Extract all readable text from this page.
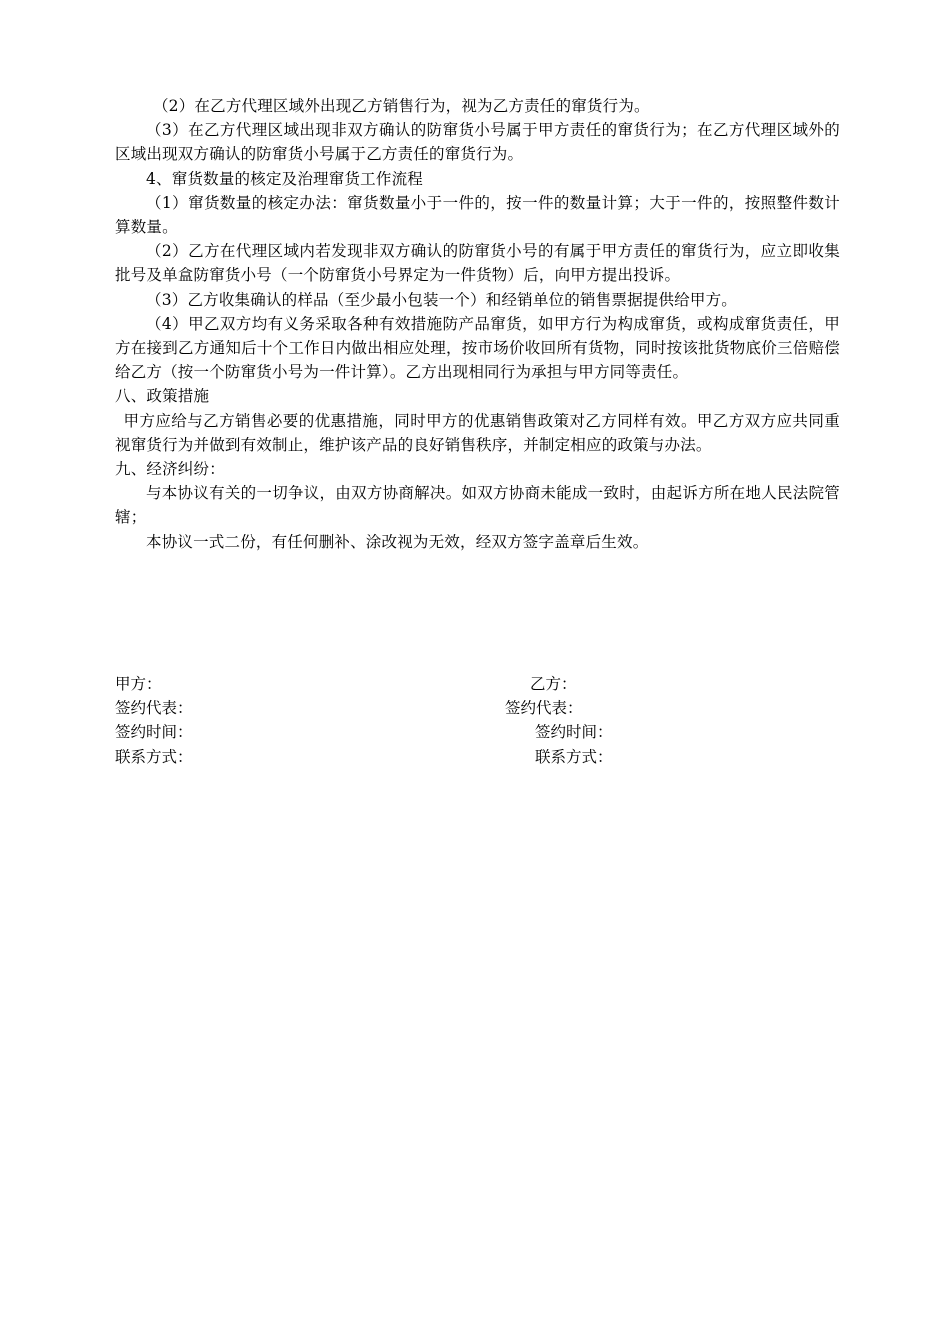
（2）在乙方代理区域外出现乙方销售行为，视为乙方责任的窜货行为。

（3）在乙方代理区域出现非双方确认的防窜货小号属于甲方责任的窜货行为；在乙方代理区域外的区域出现双方确认的防窜货小号属于乙方责任的窜货行为。

4、窜货数量的核定及治理窜货工作流程

（1）窜货数量的核定办法：窜货数量小于一件的，按一件的数量计算；大于一件的，按照整件数计算数量。

（2）乙方在代理区域内若发现非双方确认的防窜货小号的有属于甲方责任的窜货行为，应立即收集批号及单盒防窜货小号（一个防窜货小号界定为一件货物）后，向甲方提出投诉。

（3）乙方收集确认的样品（至少最小包装一个）和经销单位的销售票据提供给甲方。

（4）甲乙双方均有义务采取各种有效措施防产品窜货，如甲方行为构成窜货，或构成窜货责任，甲方在接到乙方通知后十个工作日内做出相应处理，按市场价收回所有货物，同时按该批货物底价三倍赔偿给乙方（按一个防窜货小号为一件计算）。乙方出现相同行为承担与甲方同等责任。

八、政策措施

甲方应给与乙方销售必要的优惠措施，同时甲方的优惠销售政策对乙方同样有效。甲乙方双方应共同重视窜货行为并做到有效制止，维护该产品的良好销售秩序，并制定相应的政策与办法。

九、经济纠纷：

与本协议有关的一切争议，由双方协商解决。如双方协商未能成一致时，由起诉方所在地人民法院管辖；

本协议一式二份，有任何删补、涂改视为无效，经双方签字盖章后生效。

甲方：	乙方：
签约代表：	签约代表：
签约时间：	签约时间：
联系方式：	联系方式：
